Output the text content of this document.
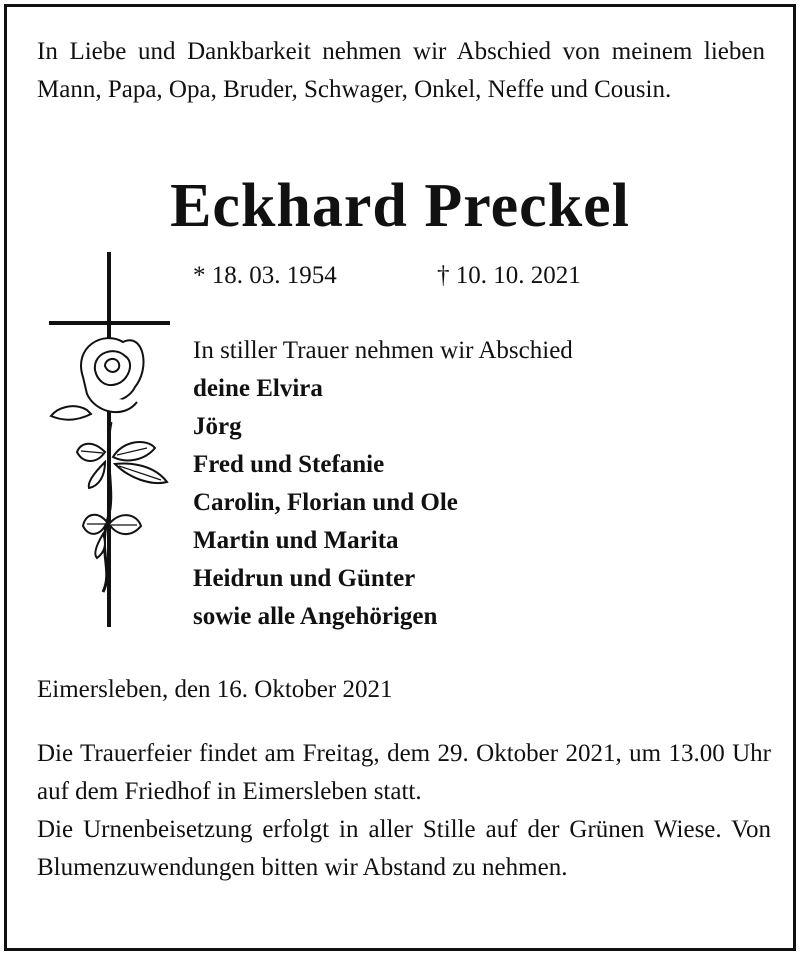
In Liebe und Dankbarkeit nehmen wir Abschied von meinem lieben Mann, Papa, Opa, Bruder, Schwager, Onkel, Neffe und Cousin.

Eckhard Preckel
* 18. 03. 1954	† 10. 10. 2021
In stiller Trauer nehmen wir Abschied
deine Elvira
Jörg
Fred und Stefanie
Carolin, Florian und Ole
Martin und Marita
Heidrun und Günter
sowie alle Angehörigen
Eimersleben, den 16. Oktober 2021
Die Trauerfeier findet am Freitag, dem 29. Oktober 2021, um 13.00 Uhr auf dem Friedhof in Eimersleben statt.
Die Urnenbeisetzung erfolgt in aller Stille auf der Grünen Wiese. Von Blumenzuwendungen bitten wir Abstand zu nehmen.
